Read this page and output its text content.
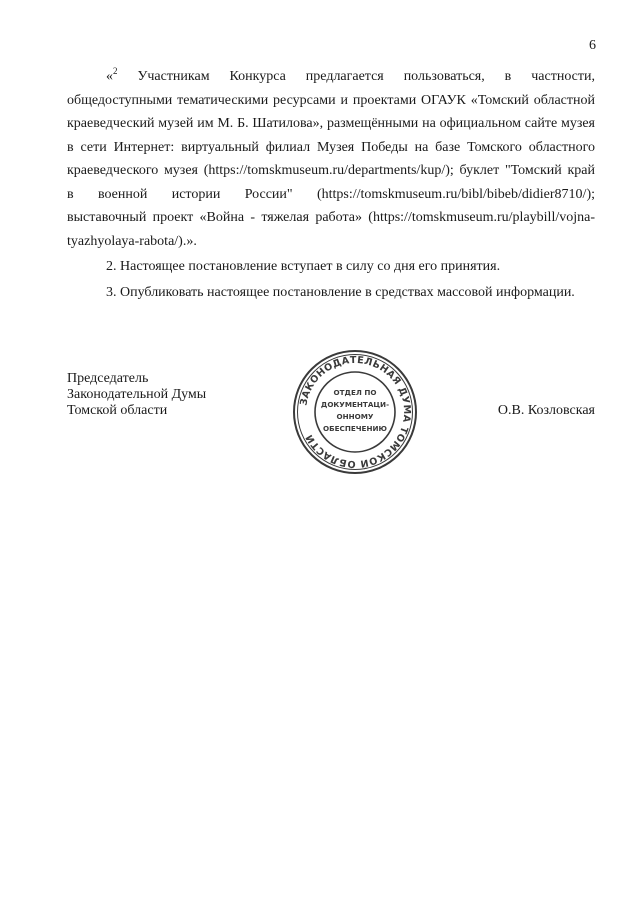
6

«$^2$ Участникам Конкурса предлагается пользоваться, в частности,
общедоступными тематическими ресурсами и проектами ОГАУК «Томский областной
краеведческий музей им М. Б. Шатилова», размещёнными на официальном сайте музея
в сети Интернет: виртуальный филиал Музея Победы на базе Томского областного
краеведческого музея (https://tomskmuseum.ru/departments/kup/); буклет "Томский край
в военной истории России" (https://tomskmuseum.ru/bibl/bibeb/didier8710/);
выставочный проект «Война - тяжелая работа» (https://tomskmuseum.ru/playbill/vojna-
tyazhyolaya-rabota/).».

2. Настоящее постановление вступает в силу со дня его принятия.

3. Опубликовать настоящее постановление в средствах массовой информации.

Председатель
Законодательной Думы
Томской области
ЗАКОНОДАТЕЛЬНАЯ ДУМА ТОМСКОЙ ОБЛАСТИ
ОТДЕЛ ПО
ДОКУМЕНТАЦИ-
ОННОМУ
ОБЕСПЕЧЕНИЮ
О.В. Козловская
